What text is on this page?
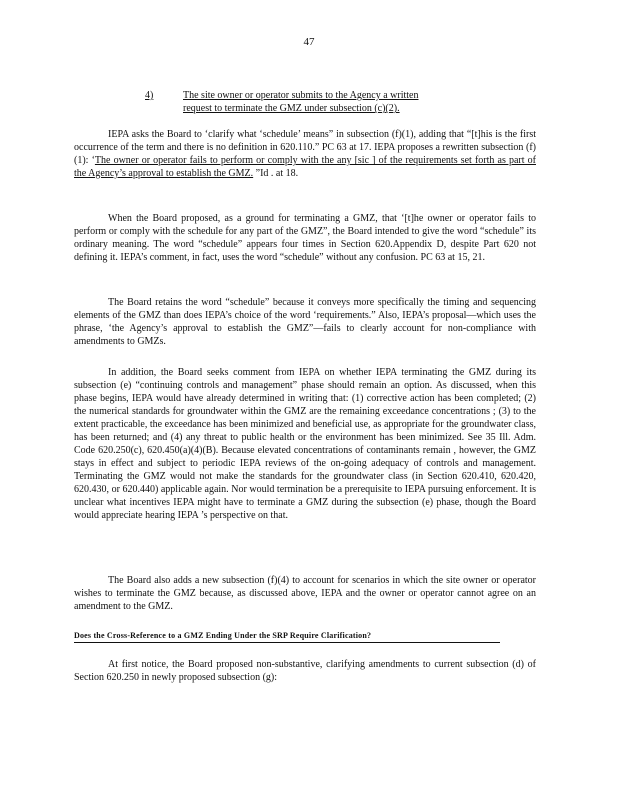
47
4)	The site owner or operator submits to the Agency a written
request to terminate the GMZ under subsection (c)(2).

IEPA asks the Board to ‘clarify what ‘schedule’ means” in subsection (f)(1), adding that “[t]his is the first occurrence of the term and there is no definition in 620.110.” PC 63 at 17. IEPA proposes a rewritten subsection (f)(1): ‘The owner or operator fails to perform or comply with the any [sic ] of the requirements set forth as part of the Agency’s approval to establish the GMZ. ”Id . at 18.

When the Board proposed, as a ground for terminating a GMZ, that ‘[t]he owner or operator fails to perform or comply with the schedule for any part of the GMZ”, the Board intended to give the word “schedule” its ordinary meaning. The word “schedule” appears four times in Section 620.Appendix D, despite Part 620 not defining it. IEPA’s comment, in fact, uses the word “schedule” without any confusion. PC 63 at 15, 21.

The Board retains the word “schedule” because it conveys more specifically the timing and sequencing elements of the GMZ than does IEPA’s choice of the word ‘requirements.” Also, IEPA’s proposal—which uses the phrase, ‘the Agency’s approval to establish the GMZ”—fails to clearly account for non-compliance with amendments to GMZs.

In addition, the Board seeks comment from IEPA on whether IEPA terminating the GMZ during its subsection (e) “continuing controls and management” phase should remain an option. As discussed, when this phase begins, IEPA would have already determined in writing that: (1) corrective action has been completed; (2) the numerical standards for groundwater within the GMZ are the remaining exceedance concentrations ; (3) to the extent practicable, the exceedance has been minimized and beneficial use, as appropriate for the groundwater class, has been returned; and (4) any threat to public health or the environment has been minimized. See 35 Ill. Adm. Code 620.250(c), 620.450(a)(4)(B). Because elevated concentrations of contaminants remain , however, the GMZ stays in effect and subject to periodic IEPA reviews of the on-going adequacy of controls and management. Terminating the GMZ would not make the standards for the groundwater class (in Section 620.410, 620.420, 620.430, or 620.440) applicable again. Nor would termination be a prerequisite to IEPA pursuing enforcement. It is unclear what incentives IEPA might have to terminate a GMZ during the subsection (e) phase, though the Board would appreciate hearing IEPA ’s perspective on that.

The Board also adds a new subsection (f)(4) to account for scenarios in which the site owner or operator wishes to terminate the GMZ because, as discussed above, IEPA and the owner or operator cannot agree on an amendment to the GMZ.

Does the Cross-Reference to a GMZ Ending Under the SRP Require Clarification?

At first notice, the Board proposed non-substantive, clarifying amendments to current subsection (d) of Section 620.250 in newly proposed subsection (g):
